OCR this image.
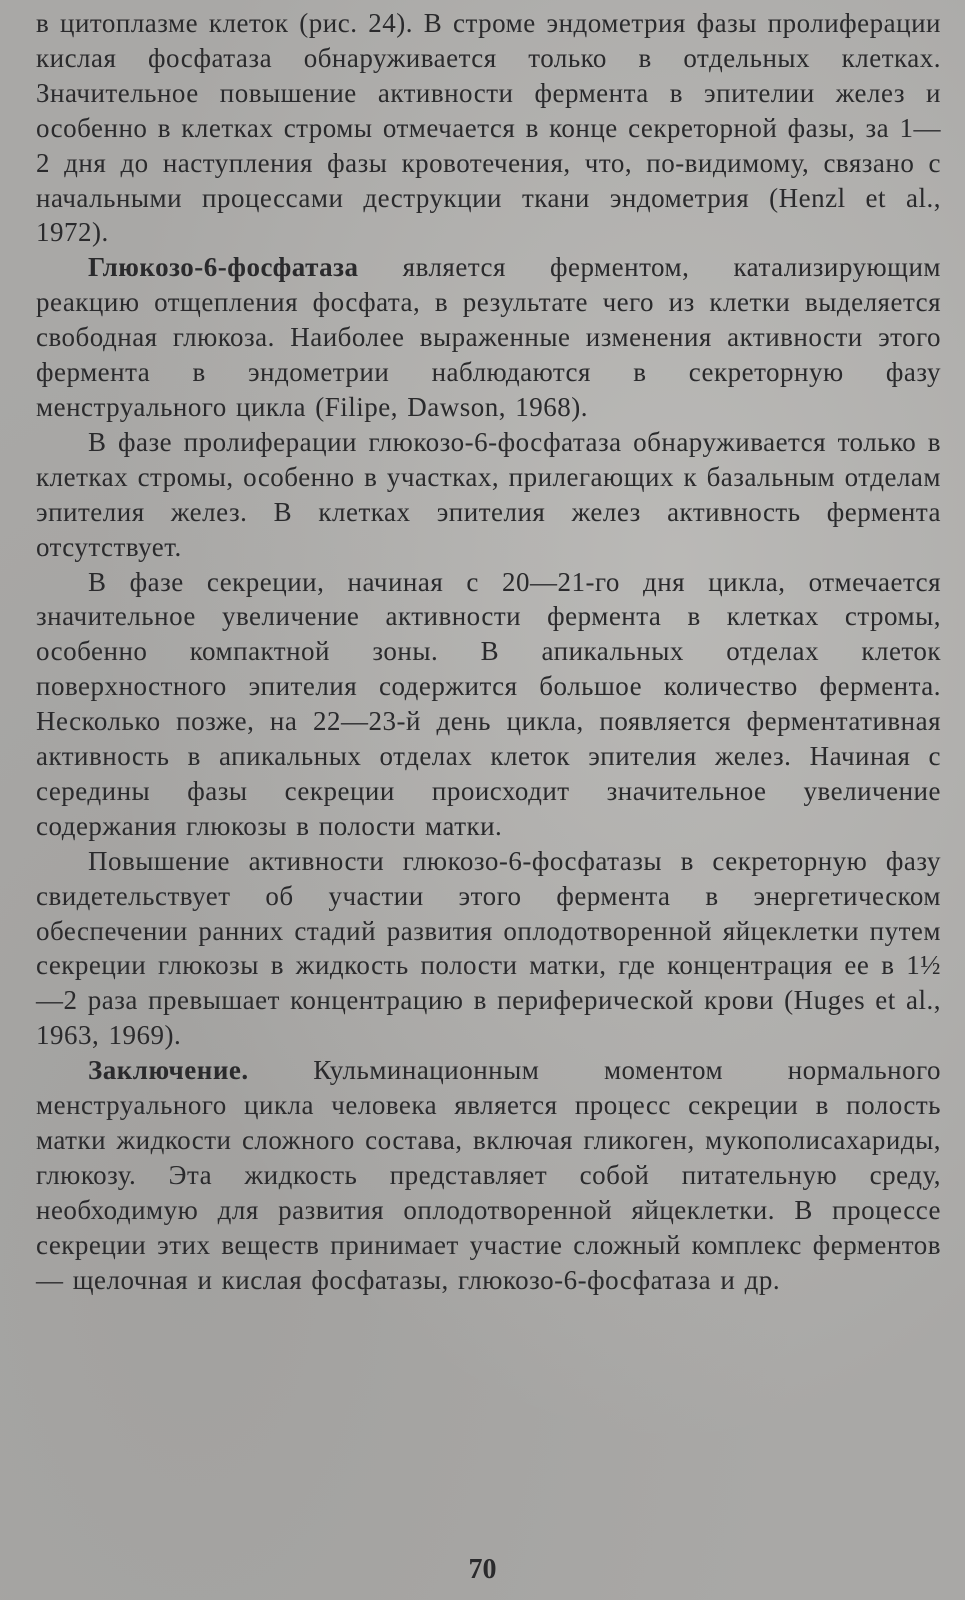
в цитоплазме клеток (рис. 24). В строме эндометрия фазы пролиферации кислая фосфатаза обнаруживается только в отдельных клетках. Значительное повышение активности фермента в эпителии желез и особенно в клетках стромы отмечается в конце секреторной фазы, за 1—2 дня до наступления фазы кровотечения, что, по-видимому, связано с начальными процессами деструкции ткани эндометрия (Henzl et al., 1972).

Глюкозо-6-фосфатаза является ферментом, катализирующим реакцию отщепления фосфата, в результате чего из клетки выделяется свободная глюкоза. Наиболее выраженные изменения активности этого фермента в эндометрии наблюдаются в секреторную фазу менструального цикла (Filipe, Dawson, 1968).

В фазе пролиферации глюкозо-6-фосфатаза обнаруживается только в клетках стромы, особенно в участках, прилегающих к базальным отделам эпителия желез. В клетках эпителия желез активность фермента отсутствует.

В фазе секреции, начиная с 20—21-го дня цикла, отмечается значительное увеличение активности фермента в клетках стромы, особенно компактной зоны. В апикальных отделах клеток поверхностного эпителия содержится большое количество фермента. Несколько позже, на 22—23-й день цикла, появляется ферментативная активность в апикальных отделах клеток эпителия желез. Начиная с середины фазы секреции происходит значительное увеличение содержания глюкозы в полости матки.

Повышение активности глюкозо-6-фосфатазы в секреторную фазу свидетельствует об участии этого фермента в энергетическом обеспечении ранних стадий развития оплодотворенной яйцеклетки путем секреции глюкозы в жидкость полости матки, где концентрация ее в 1½—2 раза превышает концентрацию в периферической крови (Huges et al., 1963, 1969).

Заключение. Кульминационным моментом нормального менструального цикла человека является процесс секреции в полость матки жидкости сложного состава, включая гликоген, мукополисахариды, глюкозу. Эта жидкость представляет собой питательную среду, необходимую для развития оплодотворенной яйцеклетки. В процессе секреции этих веществ принимает участие сложный комплекс ферментов — щелочная и кислая фосфатазы, глюкозо-6-фосфатаза и др.

70
